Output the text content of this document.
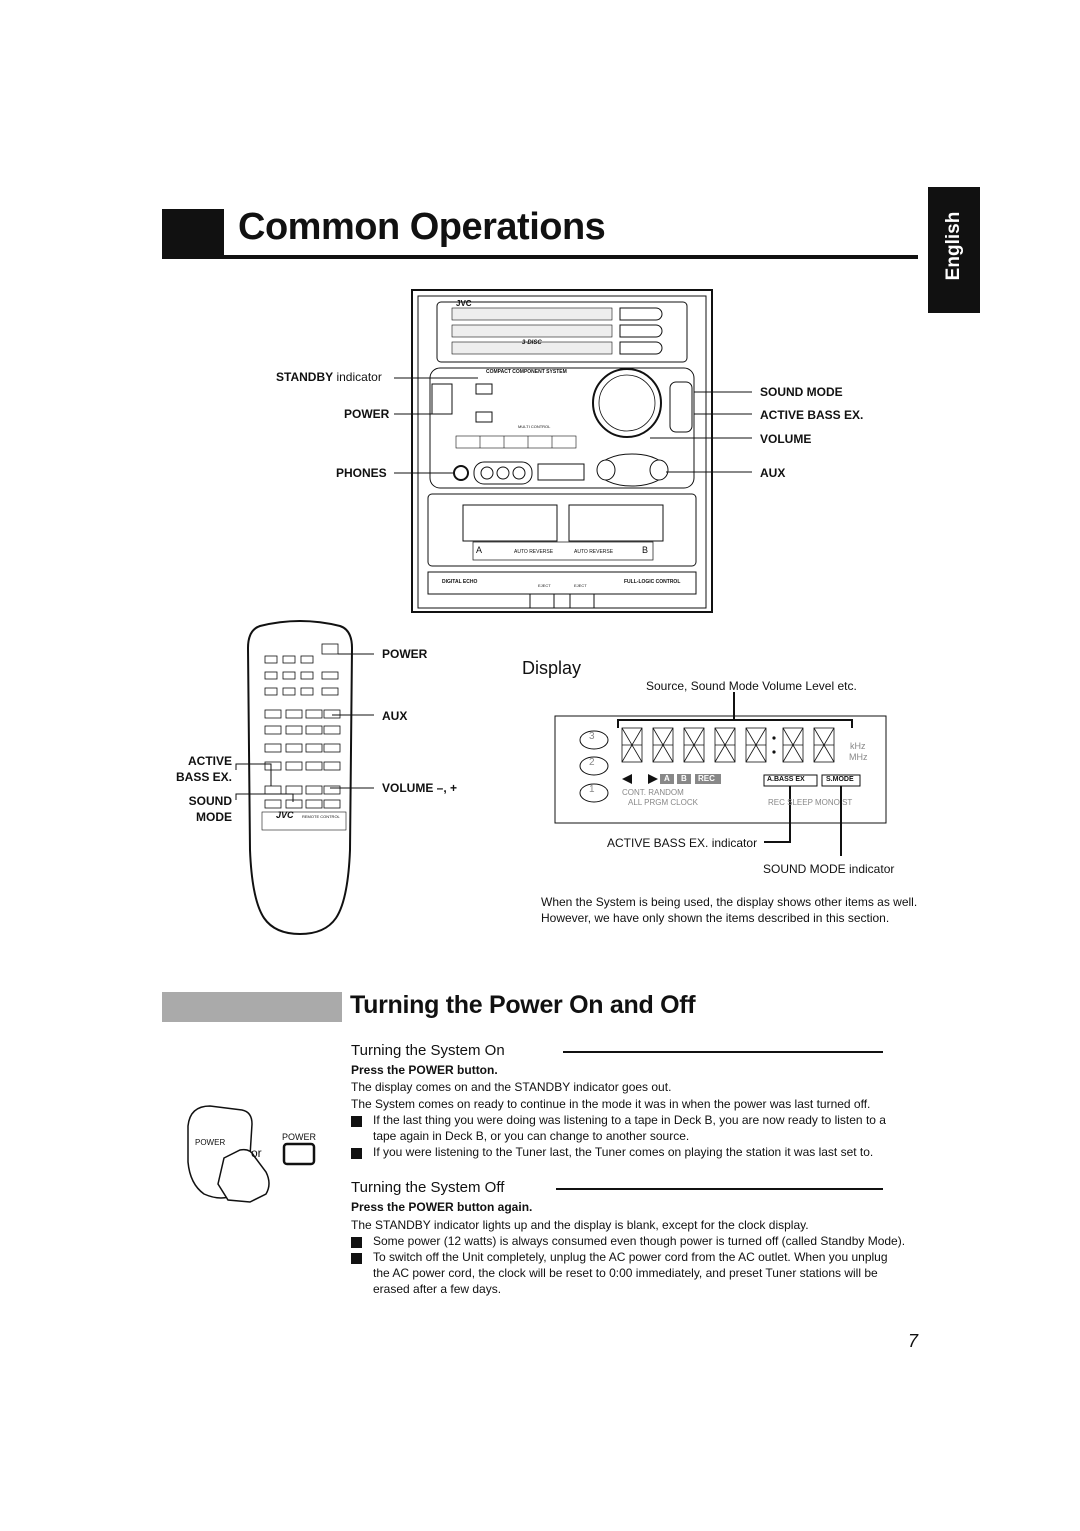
Common Operations	English
JVC
3-DISC
COMPACT COMPONENT SYSTEM
MULTI CONTROL
A	B
AUTO REVERSE	AUTO REVERSE
DIGITAL ECHO	FULL-LOGIC CONTROL
EJECT	EJECT
STANDBY indicator
POWER
PHONES
SOUND MODE
ACTIVE BASS EX.
VOLUME
AUX
JVC REMOTE CONTROL
POWER
AUX
VOLUME –, +
ACTIVE
BASS EX.
SOUND
MODE
Display
Source, Sound Mode Volume Level etc.
3
2
1
kHz
MHz
A B REC	A.BASS EX	S.MODE
CONT. RANDOM
ALL PRGM CLOCK	REC SLEEP MONO ST
ACTIVE BASS EX. indicator
SOUND MODE indicator
When the System is being used, the display shows other items as well.
However, we have only shown the items described in this section.
Turning the Power On and Off
Turning the System On
Press the POWER button.
The display comes on and the STANDBY indicator goes out.
The System comes on ready to continue in the mode it was in when the power was last turned off.
If the last thing you were doing was listening to a tape in Deck B, you are now ready to listen to a
tape again in Deck B, or you can change to another source.
If you were listening to the Tuner last, the Tuner comes on playing the station it was last set to.
Turning the System Off
Press the POWER button again.
The STANDBY indicator lights up and the display is blank, except for the clock display.
Some power (12 watts) is always consumed even though power is turned off (called Standby Mode).
To switch off the Unit completely, unplug the AC power cord from the AC outlet. When you unplug
the AC power cord, the clock will be reset to 0:00 immediately, and preset Tuner stations will be
erased after a few days.
POWER
POWER
or
7
